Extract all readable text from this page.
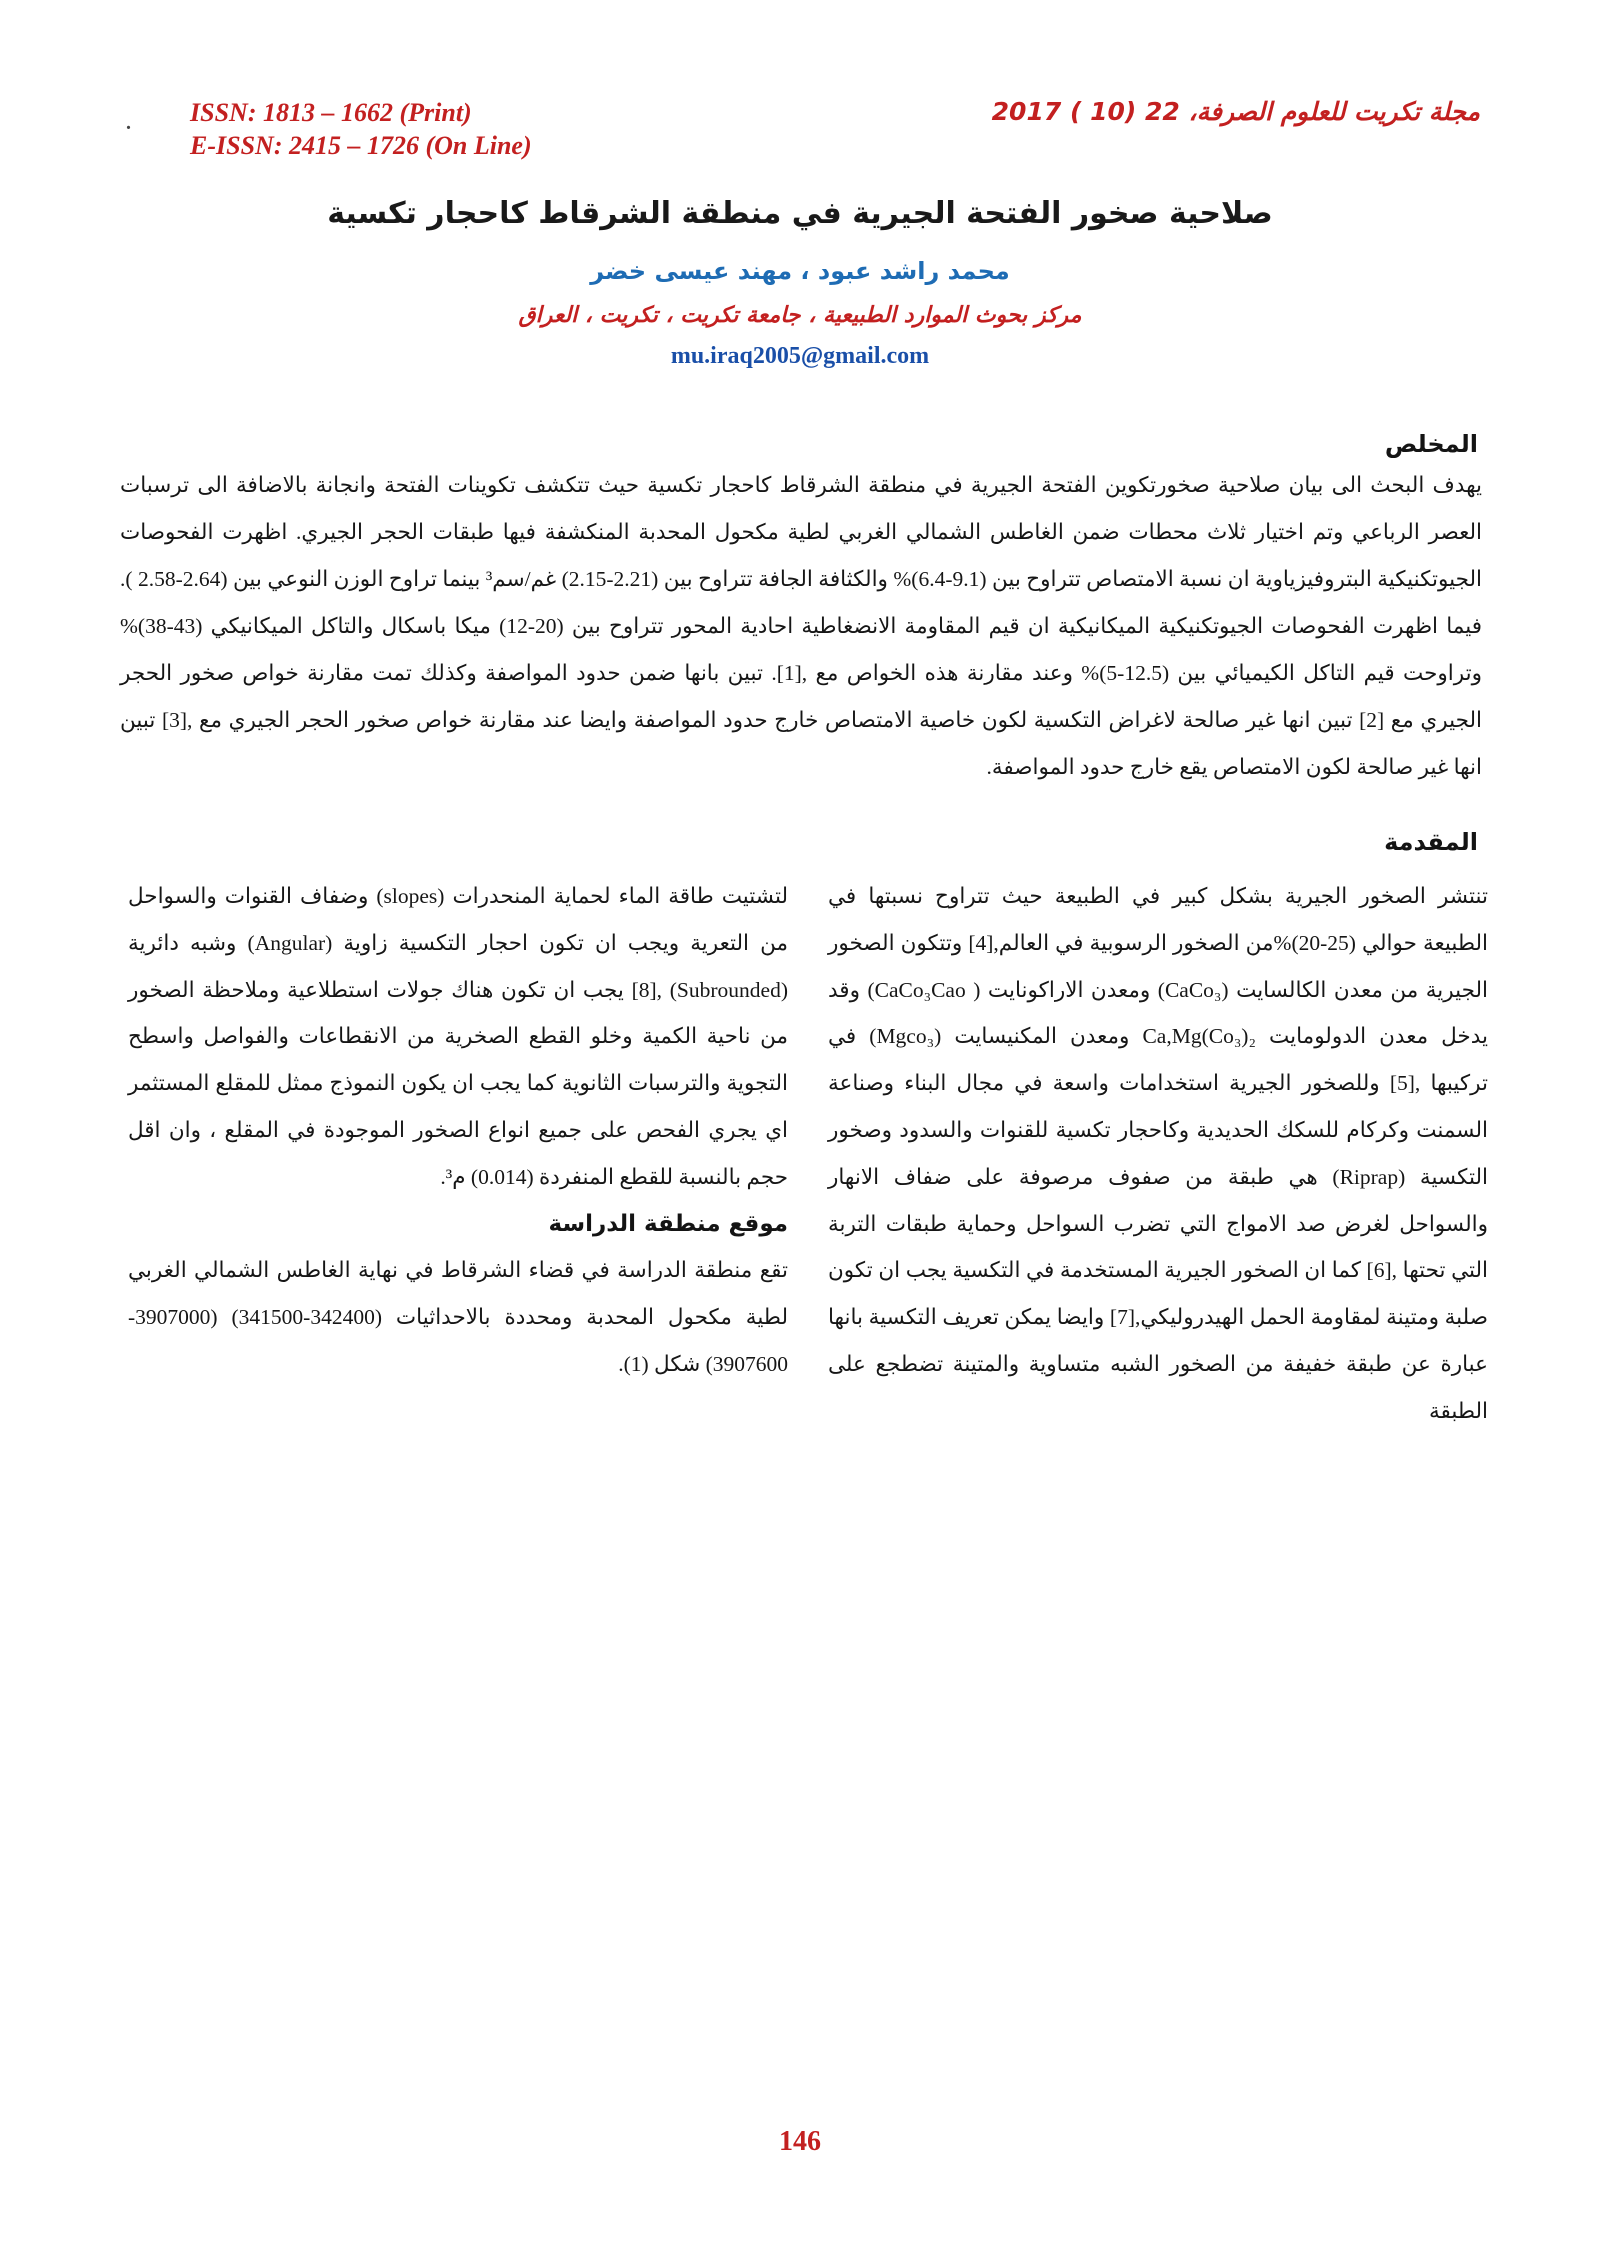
ISSN: 1813 – 1662 (Print)
E-ISSN: 2415 – 1726 (On Line)
.	مجلة تكريت للعلوم الصرفة، 22 (10 ) 2017
صلاحية صخور الفتحة الجيرية في منطقة الشرقاط كاحجار تكسية
محمد راشد عبود ، مهند عيسى خضر
مركز بحوث الموارد الطبيعية ، جامعة تكريت ، تكريت ، العراق
mu.iraq2005@gmail.com
المخلص

يهدف البحث الى بيان صلاحية صخورتكوين الفتحة الجيرية في منطقة الشرقاط كاحجار تكسية حيث تتكشف تكوينات الفتحة وانجانة بالاضافة الى ترسبات العصر الرباعي وتم اختيار ثلاث محطات ضمن الغاطس الشمالي الغربي لطية مكحول المحدبة المنكشفة فيها طبقات الحجر الجيري. اظهرت الفحوصات الجيوتكنيكية البتروفيزياوية ان نسبة الامتصاص تتراوح بين (9.1-6.4)% والكثافة الجافة تتراوح بين (2.21-2.15) غم/سم³ بينما تراوح الوزن النوعي بين (2.64-2.58 ). فيما اظهرت الفحوصات الجيوتكنيكية الميكانيكية ان قيم المقاومة الانضغاطية احادية المحور تتراوح بين (20-12) ميكا باسكال والتاكل الميكانيكي (43-38)% وتراوحت قيم التاكل الكيميائي بين (12.5-5)% وعند مقارنة هذه الخواص مع ,[1]. تبين بانها ضمن حدود المواصفة وكذلك تمت مقارنة خواص صخور الحجر الجيري مع [2] تبين انها غير صالحة لاغراض التكسية لكون خاصية الامتصاص خارج حدود المواصفة وايضا عند مقارنة خواص صخور الحجر الجيري مع ,[3] تبين انها غير صالحة لكون الامتصاص يقع خارج حدود المواصفة.

المقدمة

تنتشر الصخور الجيرية بشكل كبير في الطبيعة حيث تتراوح نسبتها في الطبيعة حوالي (25-20)%من الصخور الرسوبية في العالم,[4] وتتكون الصخور الجيرية من معدن الكالسايت (CaCo₃) ومعدن الاراكونايت ( CaCo₃Cao) وقد يدخل معدن الدولومايت Ca,Mg(Co₃)₂ ومعدن المكنيسايت (Mgco₃) في تركيبها ,[5] وللصخور الجيرية استخدامات واسعة في مجال البناء وصناعة السمنت وكركام للسكك الحديدية وكاحجار تكسية للقنوات والسدود وصخور التكسية (Riprap) هي طبقة من صفوف مرصوفة على ضفاف الانهار والسواحل لغرض صد الامواج التي تضرب السواحل وحماية طبقات التربة التي تحتها ,[6] كما ان الصخور الجيرية المستخدمة في التكسية يجب ان تكون صلبة ومتينة لمقاومة الحمل الهيدروليكي,[7] وايضا يمكن تعريف التكسية بانها عبارة عن طبقة خفيفة من الصخور الشبه متساوية والمتينة تضطجع على الطبقة

لتشتيت طاقة الماء لحماية المنحدرات (slopes) وضفاف القنوات والسواحل من التعرية ويجب ان تكون احجار التكسية زاوية (Angular) وشبه دائرية (Subrounded) ,[8] يجب ان تكون هناك جولات استطلاعية وملاحظة الصخور من ناحية الكمية وخلو القطع الصخرية من الانقطاعات والفواصل واسطح التجوية والترسبات الثانوية كما يجب ان يكون النموذج ممثل للمقلع المستثمر اي يجري الفحص على جميع انواع الصخور الموجودة في المقلع ، وان اقل حجم بالنسبة للقطع المنفردة (0.014) م³.

موقع منطقة الدراسة

تقع منطقة الدراسة في قضاء الشرقاط في نهاية الغاطس الشمالي الغربي لطية مكحول المحدبة ومحددة بالاحداثيات (342400-341500) (3907000-3907600) شكل (1).

146
